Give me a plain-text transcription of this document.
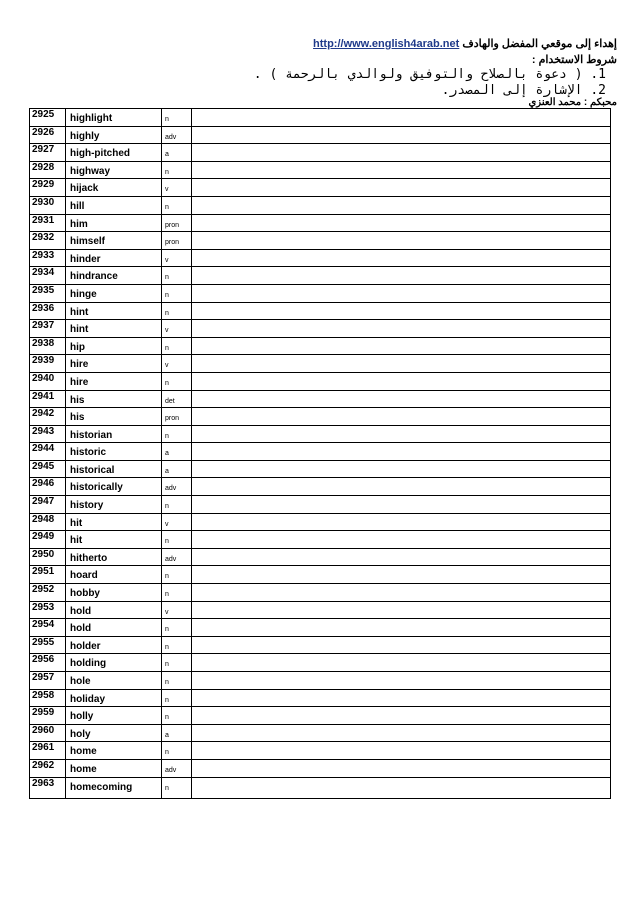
إهداء إلى موقعي المفضل والهادف http://www.english4arab.net
شروط الاستخدام :
1. ( دعوة بالصلاح والتوفيق ولوالدي بالرحمة ) .
2. الإشارة إلى المصدر.
محبكم : محمد العنزي
2925	highlight	n	
2926	highly	adv	
2927	high-pitched	a	
2928	highway	n	
2929	hijack	v	
2930	hill	n	
2931	him	pron	
2932	himself	pron	
2933	hinder	v	
2934	hindrance	n	
2935	hinge	n	
2936	hint	n	
2937	hint	v	
2938	hip	n	
2939	hire	v	
2940	hire	n	
2941	his	det	
2942	his	pron	
2943	historian	n	
2944	historic	a	
2945	historical	a	
2946	historically	adv	
2947	history	n	
2948	hit	v	
2949	hit	n	
2950	hitherto	adv	
2951	hoard	n	
2952	hobby	n	
2953	hold	v	
2954	hold	n	
2955	holder	n	
2956	holding	n	
2957	hole	n	
2958	holiday	n	
2959	holly	n	
2960	holy	a	
2961	home	n	
2962	home	adv	
2963	homecoming	n	
